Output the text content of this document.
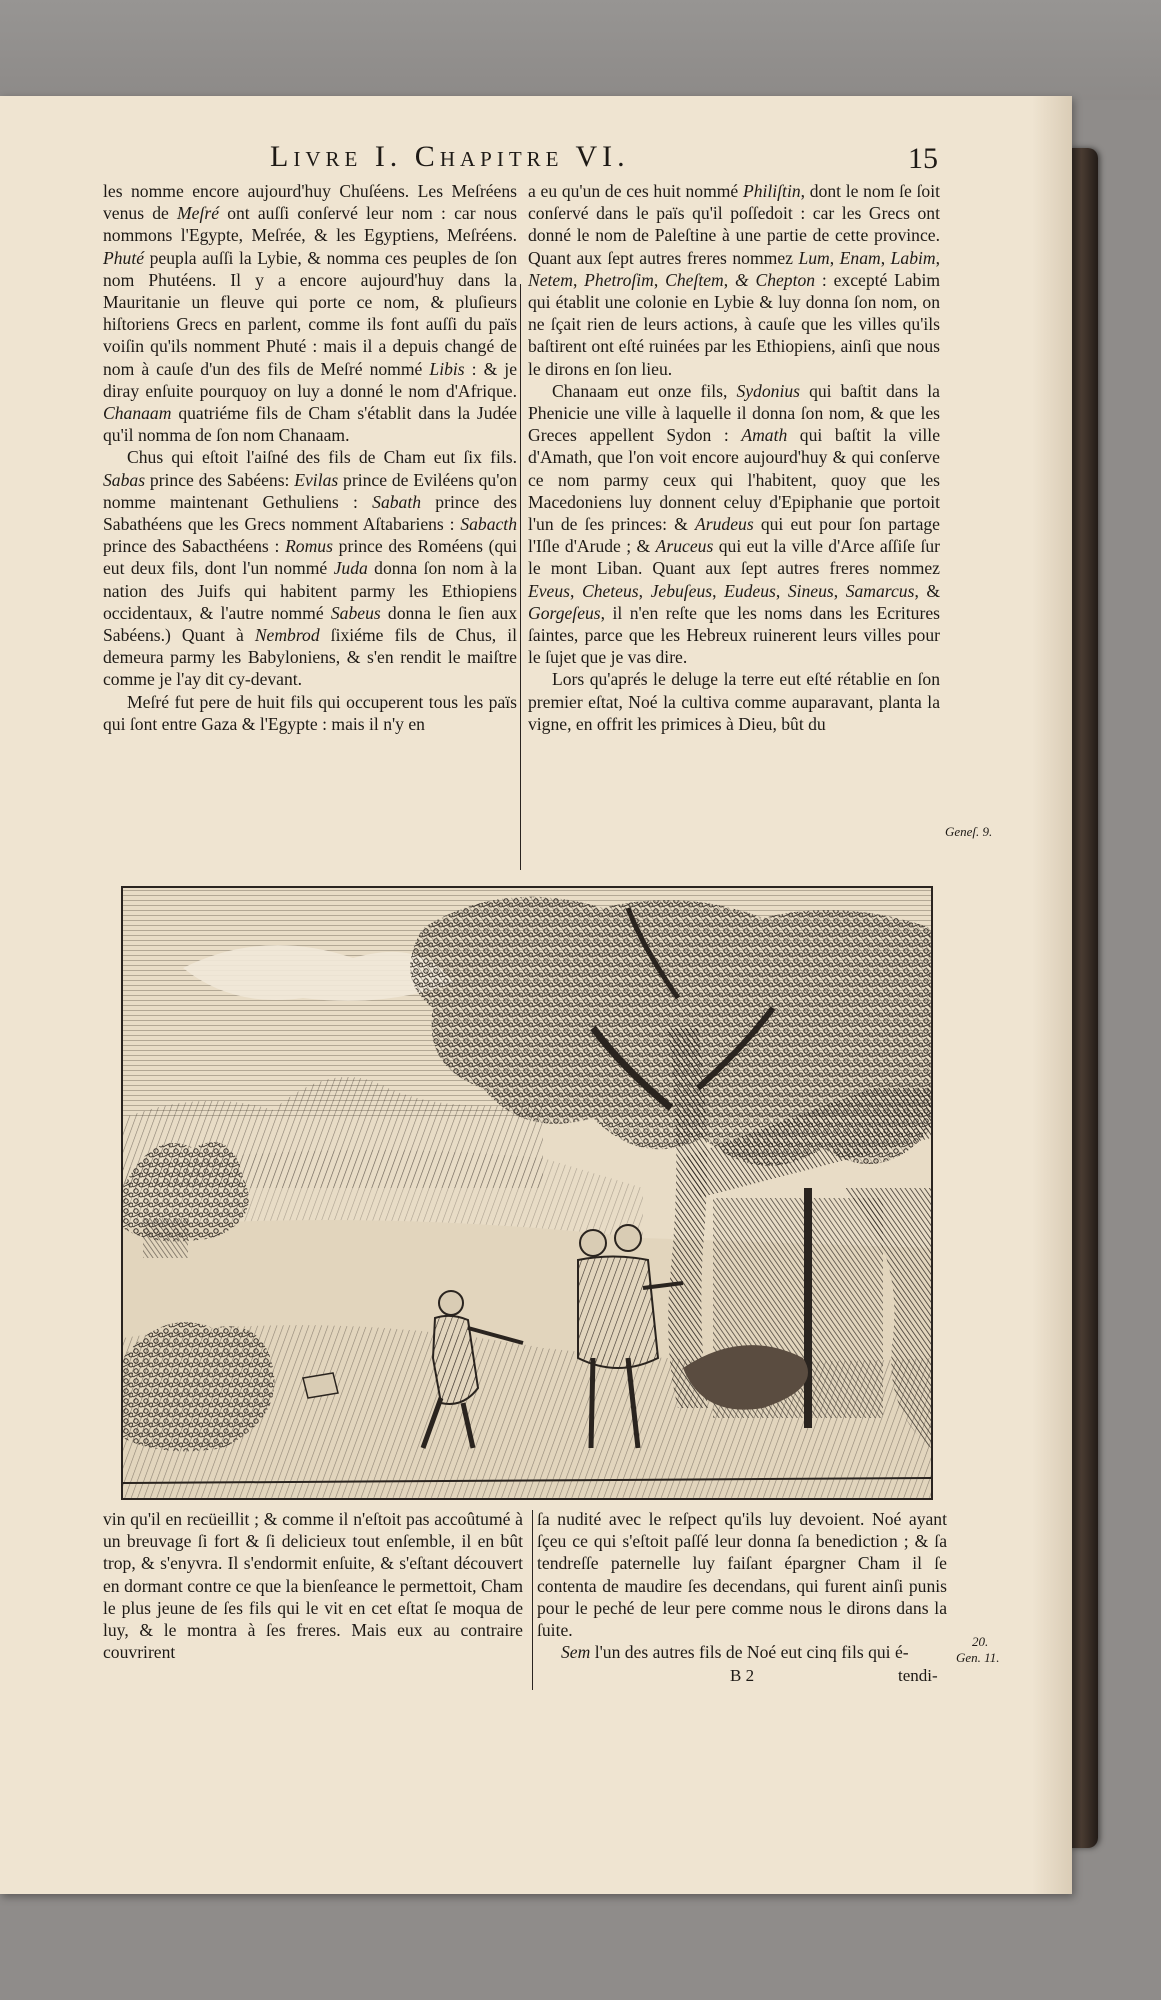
Livre I. Chapitre VI.	15

les nomme encore aujourd'huy Chuſéens. Les Meſréens venus de Meſré ont auſſi conſervé leur nom : car nous nommons l'Egypte, Meſrée, & les Egyptiens, Meſréens. Phuté peupla auſſi la Lybie, & nomma ces peuples de ſon nom Phutéens. Il y a encore aujourd'huy dans la Mauritanie un fleuve qui porte ce nom, & pluſieurs hiſtoriens Grecs en parlent, comme ils font auſſi du païs voiſin qu'ils nomment Phuté : mais il a depuis changé de nom à cauſe d'un des fils de Meſré nommé Libis : & je diray enſuite pourquoy on luy a donné le nom d'Afrique. Chanaam quatriéme fils de Cham s'établit dans la Judée qu'il nomma de ſon nom Chanaam.

Chus qui eſtoit l'aiſné des fils de Cham eut ſix fils. Sabas prince des Sabéens: Evilas prince de Eviléens qu'on nomme maintenant Gethuliens : Sabath prince des Sabathéens que les Grecs nomment Aſtabariens : Sabacth prince des Sabacthéens : Romus prince des Roméens (qui eut deux fils, dont l'un nommé Juda donna ſon nom à la nation des Juifs qui habitent parmy les Ethiopiens occidentaux, & l'autre nommé Sabeus donna le ſien aux Sabéens.) Quant à Nembrod ſixiéme fils de Chus, il demeura parmy les Babyloniens, & s'en rendit le maiſtre comme je l'ay dit cy-devant.

Meſré fut pere de huit fils qui occuperent tous les païs qui ſont entre Gaza & l'Egypte : mais il n'y en

a eu qu'un de ces huit nommé Philiſtin, dont le nom ſe ſoit conſervé dans le païs qu'il poſſedoit : car les Grecs ont donné le nom de Paleſtine à une partie de cette province. Quant aux ſept autres freres nommez Lum, Enam, Labim, Netem, Phetroſim, Cheſtem, & Chepton : excepté Labim qui établit une colonie en Lybie & luy donna ſon nom, on ne ſçait rien de leurs actions, à cauſe que les villes qu'ils baſtirent ont eſté ruinées par les Ethiopiens, ainſi que nous le dirons en ſon lieu.

Chanaam eut onze fils, Sydonius qui baſtit dans la Phenicie une ville à laquelle il donna ſon nom, & que les Greces appellent Sydon : Amath qui baſtit la ville d'Amath, que l'on voit encore aujourd'huy & qui conſerve ce nom parmy ceux qui l'habitent, quoy que les Macedoniens luy donnent celuy d'Epiphanie que portoit l'un de ſes princes: & Arudeus qui eut pour ſon partage l'Iſle d'Arude ; & Aruceus qui eut la ville d'Arce aſſiſe ſur le mont Liban. Quant aux ſept autres freres nommez Eveus, Cheteus, Jebuſeus, Eudeus, Sineus, Samarcus, & Gorgeſeus, il n'en reſte que les noms dans les Ecritures ſaintes, parce que les Hebreux ruinerent leurs villes pour le ſujet que je vas dire.

Lors qu'aprés le deluge la terre eut eſté rétablie en ſon premier eſtat, Noé la cultiva comme auparavant, planta la vigne, en offrit les primices à Dieu, bût du

Geneſ. 9.

vin qu'il en recüeillit ; & comme il n'eſtoit pas accoûtumé à un breuvage ſi fort & ſi delicieux tout enſemble, il en bût trop, & s'enyvra. Il s'endormit enſuite, & s'eſtant découvert en dormant contre ce que la bienſeance le permettoit, Cham le plus jeune de ſes fils qui le vit en cet eſtat ſe moqua de luy, & le montra à ſes freres. Mais eux au contraire couvrirent

ſa nudité avec le reſpect qu'ils luy devoient. Noé ayant ſçeu ce qui s'eſtoit paſſé leur donna ſa benediction ; & ſa tendreſſe paternelle luy faiſant épargner Cham il ſe contenta de maudire ſes decendans, qui furent ainſi punis pour le peché de leur pere comme nous le dirons dans la ſuite.

Sem l'un des autres fils de Noé eut cinq fils qui é-

20.
Gen. 11.
B 2	tendi-
